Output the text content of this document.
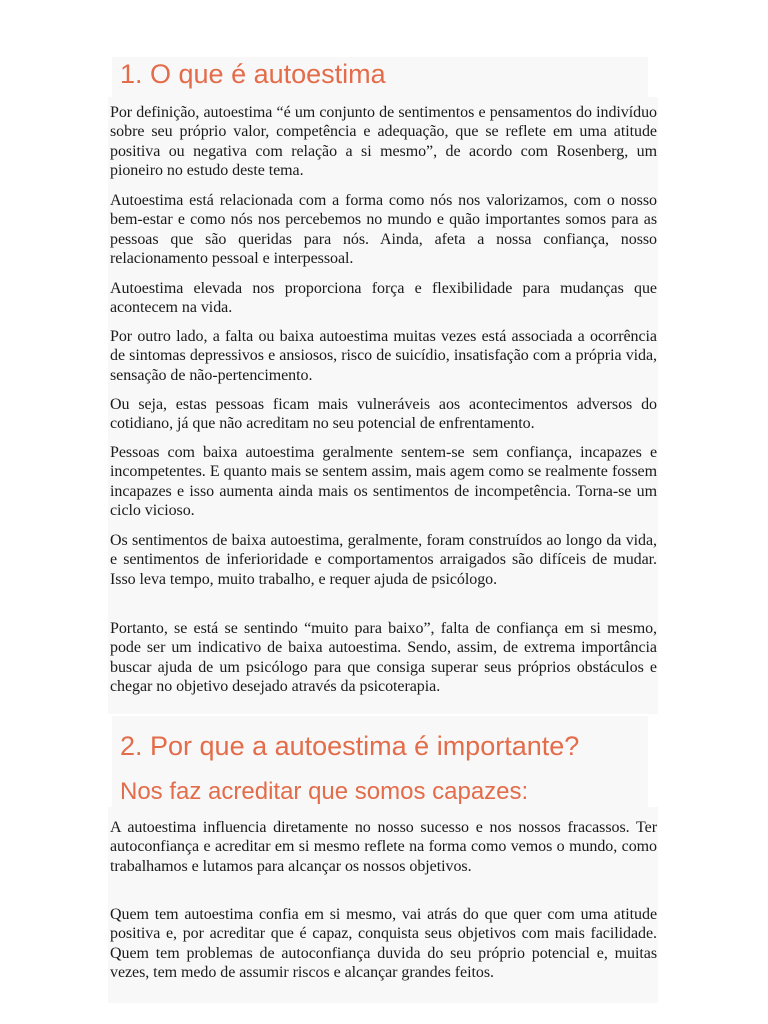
1. O que é autoestima

Por definição, autoestima “é um conjunto de sentimentos e pensamentos do indivíduo sobre seu próprio valor, competência e adequação, que se reflete em uma atitude positiva ou negativa com relação a si mesmo”, de acordo com Rosenberg, um pioneiro no estudo deste tema.

Autoestima está relacionada com a forma como nós nos valorizamos, com o nosso bem-estar e como nós nos percebemos no mundo e quão importantes somos para as pessoas que são queridas para nós. Ainda, afeta a nossa confiança, nosso relacionamento pessoal e interpessoal.

Autoestima elevada nos proporciona força e flexibilidade para mudanças que acontecem na vida.

Por outro lado, a falta ou baixa autoestima muitas vezes está associada a ocorrência de sintomas depressivos e ansiosos, risco de suicídio, insatisfação com a própria vida, sensação de não-pertencimento.

Ou seja, estas pessoas ficam mais vulneráveis aos acontecimentos adversos do cotidiano, já que não acreditam no seu potencial de enfrentamento.

Pessoas com baixa autoestima geralmente sentem-se sem confiança, incapazes e incompetentes. E quanto mais se sentem assim, mais agem como se realmente fossem incapazes e isso aumenta ainda mais os sentimentos de incompetência. Torna-se um ciclo vicioso.

Os sentimentos de baixa autoestima, geralmente, foram construídos ao longo da vida, e sentimentos de inferioridade e comportamentos arraigados são difíceis de mudar. Isso leva tempo, muito trabalho, e requer ajuda de psicólogo.

Portanto, se está se sentindo “muito para baixo”, falta de confiança em si mesmo, pode ser um indicativo de baixa autoestima. Sendo, assim, de extrema importância buscar ajuda de um psicólogo para que consiga superar seus próprios obstáculos e chegar no objetivo desejado através da psicoterapia.

2. Por que a autoestima é importante?
Nos faz acreditar que somos capazes:

A autoestima influencia diretamente no nosso sucesso e nos nossos fracassos. Ter autoconfiança e acreditar em si mesmo reflete na forma como vemos o mundo, como trabalhamos e lutamos para alcançar os nossos objetivos.

Quem tem autoestima confia em si mesmo, vai atrás do que quer com uma atitude positiva e, por acreditar que é capaz, conquista seus objetivos com mais facilidade. Quem tem problemas de autoconfiança duvida do seu próprio potencial e, muitas vezes, tem medo de assumir riscos e alcançar grandes feitos.
